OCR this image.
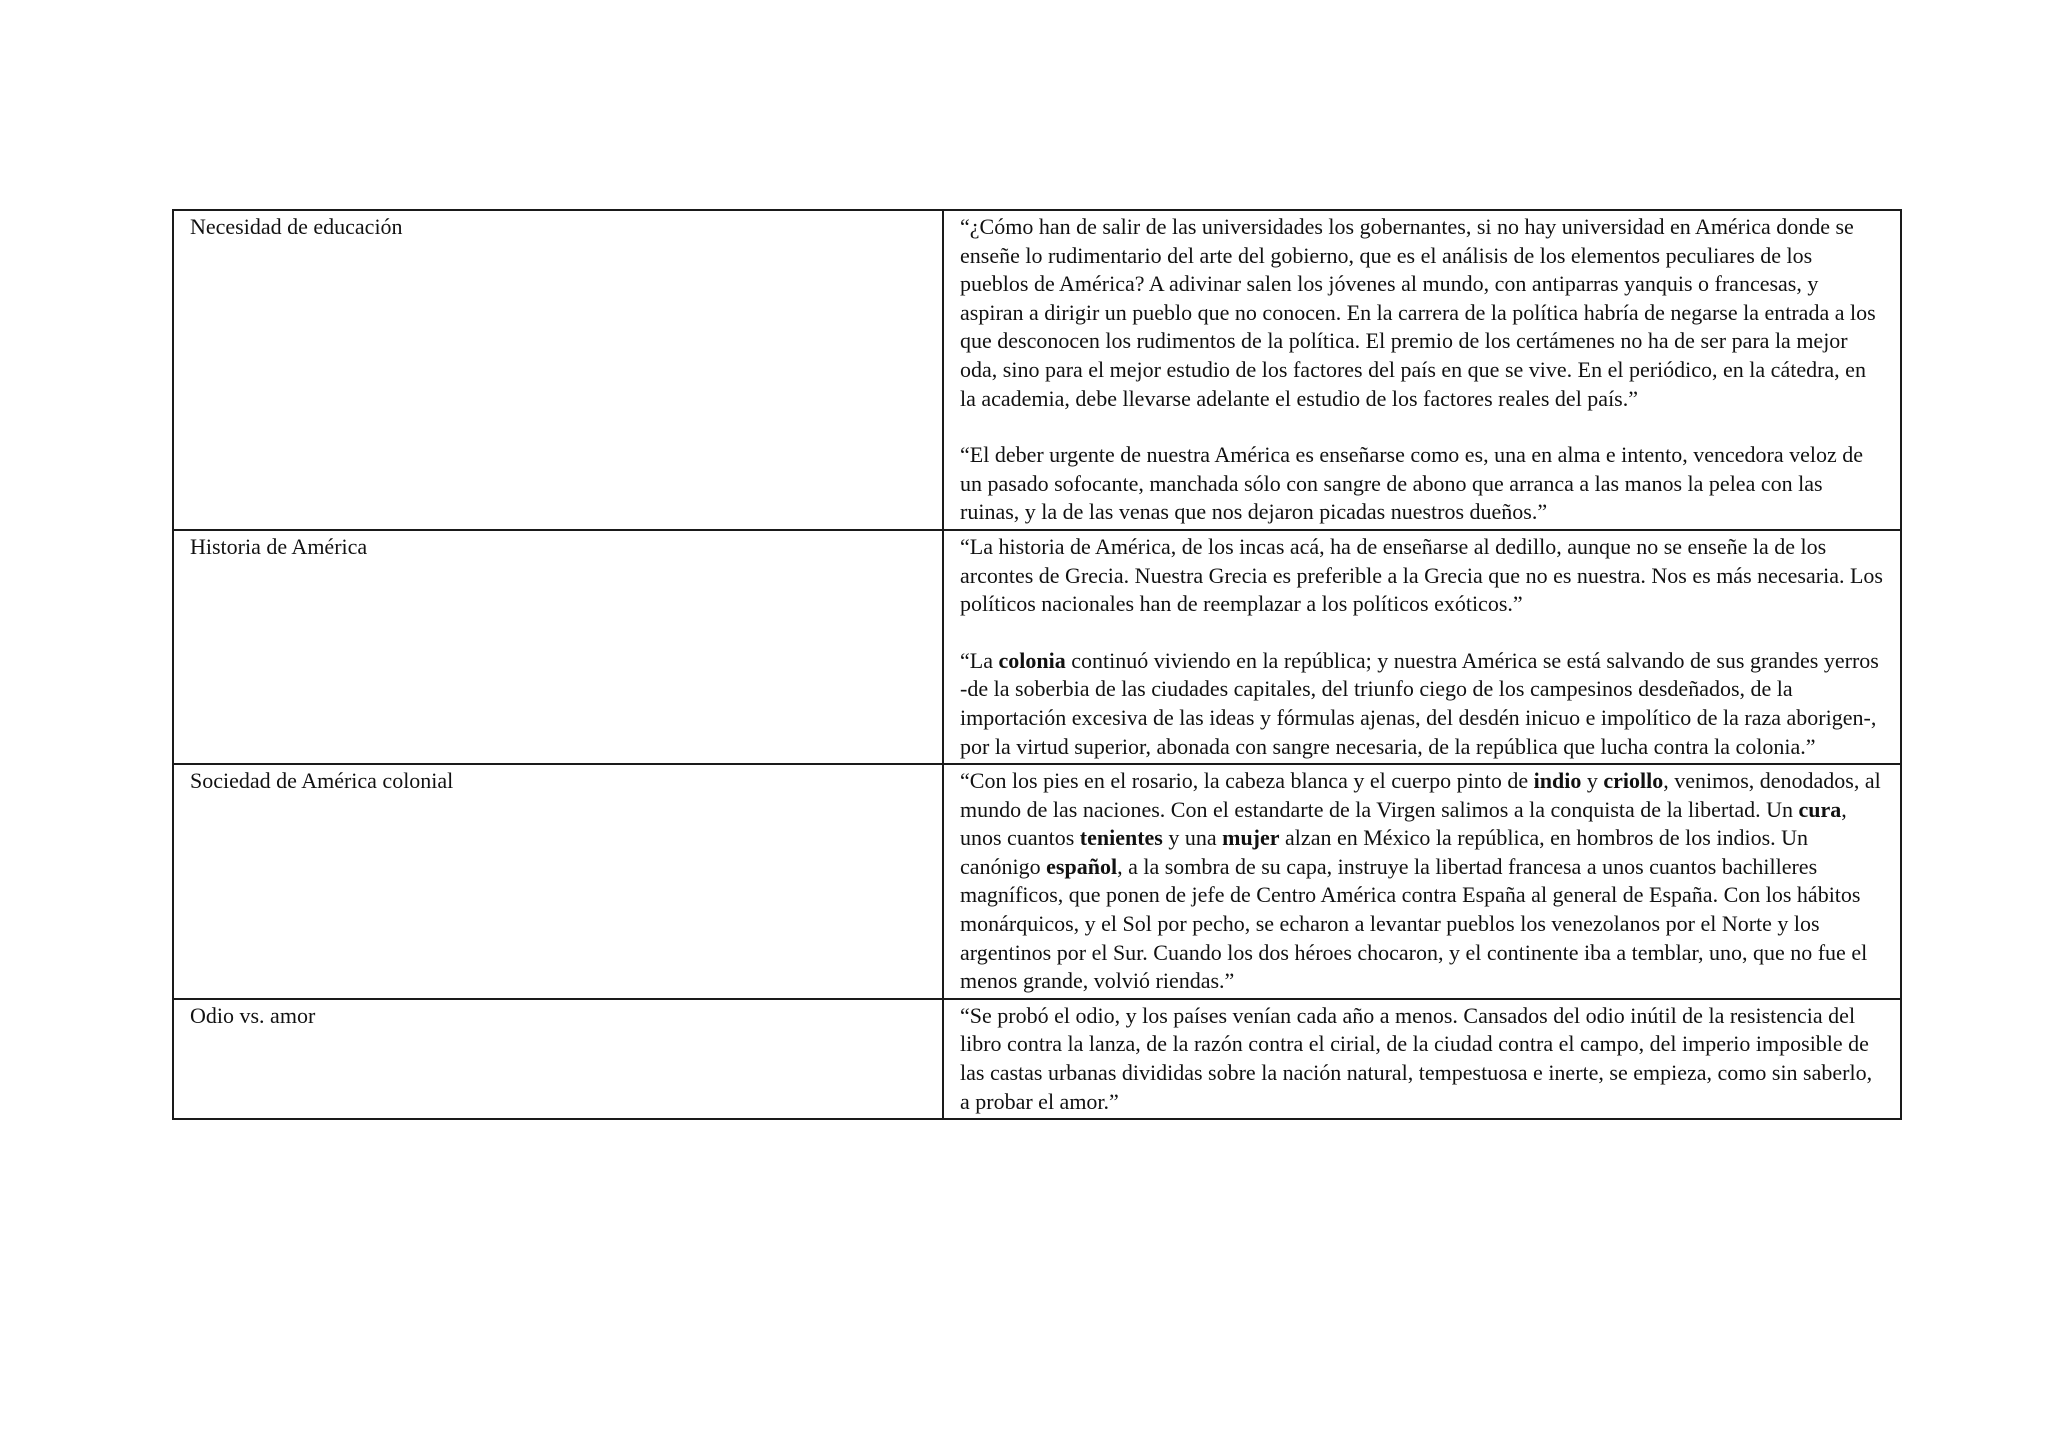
Necesidad de educación	“¿Cómo han de salir de las universidades los gobernantes, si no hay universidad en América donde se enseñe lo rudimentario del arte del gobierno, que es el análisis de los elementos peculiares de los pueblos de América? A adivinar salen los jóvenes al mundo, con antiparras yanquis o francesas, y aspiran a dirigir un pueblo que no conocen. En la carrera de la política habría de negarse la entrada a los que desconocen los rudimentos de la política. El premio de los certámenes no ha de ser para la mejor oda, sino para el mejor estudio de los factores del país en que se vive. En el periódico, en la cátedra, en la academia, debe llevarse adelante el estudio de los factores reales del país.”

“El deber urgente de nuestra América es enseñarse como es, una en alma e intento, vencedora veloz de un pasado sofocante, manchada sólo con sangre de abono que arranca a las manos la pelea con las ruinas, y la de las venas que nos dejaron picadas nuestros dueños.”

Historia de América	“La historia de América, de los incas acá, ha de enseñarse al dedillo, aunque no se enseñe la de los arcontes de Grecia. Nuestra Grecia es preferible a la Grecia que no es nuestra. Nos es más necesaria. Los políticos nacionales han de reemplazar a los políticos exóticos.”

“La colonia continuó viviendo en la república; y nuestra América se está salvando de sus grandes yerros -de la soberbia de las ciudades capitales, del triunfo ciego de los campesinos desdeñados, de la importación excesiva de las ideas y fórmulas ajenas, del desdén inicuo e impolítico de la raza aborigen-, por la virtud superior, abonada con sangre necesaria, de la república que lucha contra la colonia.”

Sociedad de América colonial	“Con los pies en el rosario, la cabeza blanca y el cuerpo pinto de indio y criollo, venimos, denodados, al mundo de las naciones. Con el estandarte de la Virgen salimos a la conquista de la libertad. Un cura, unos cuantos tenientes y una mujer alzan en México la república, en hombros de los indios. Un canónigo español, a la sombra de su capa, instruye la libertad francesa a unos cuantos bachilleres magníficos, que ponen de jefe de Centro América contra España al general de España. Con los hábitos monárquicos, y el Sol por pecho, se echaron a levantar pueblos los venezolanos por el Norte y los argentinos por el Sur. Cuando los dos héroes chocaron, y el continente iba a temblar, uno, que no fue el menos grande, volvió riendas.”

Odio vs. amor	“Se probó el odio, y los países venían cada año a menos. Cansados del odio inútil de la resistencia del libro contra la lanza, de la razón contra el cirial, de la ciudad contra el campo, del imperio imposible de las castas urbanas divididas sobre la nación natural, tempestuosa e inerte, se empieza, como sin saberlo, a probar el amor.”
